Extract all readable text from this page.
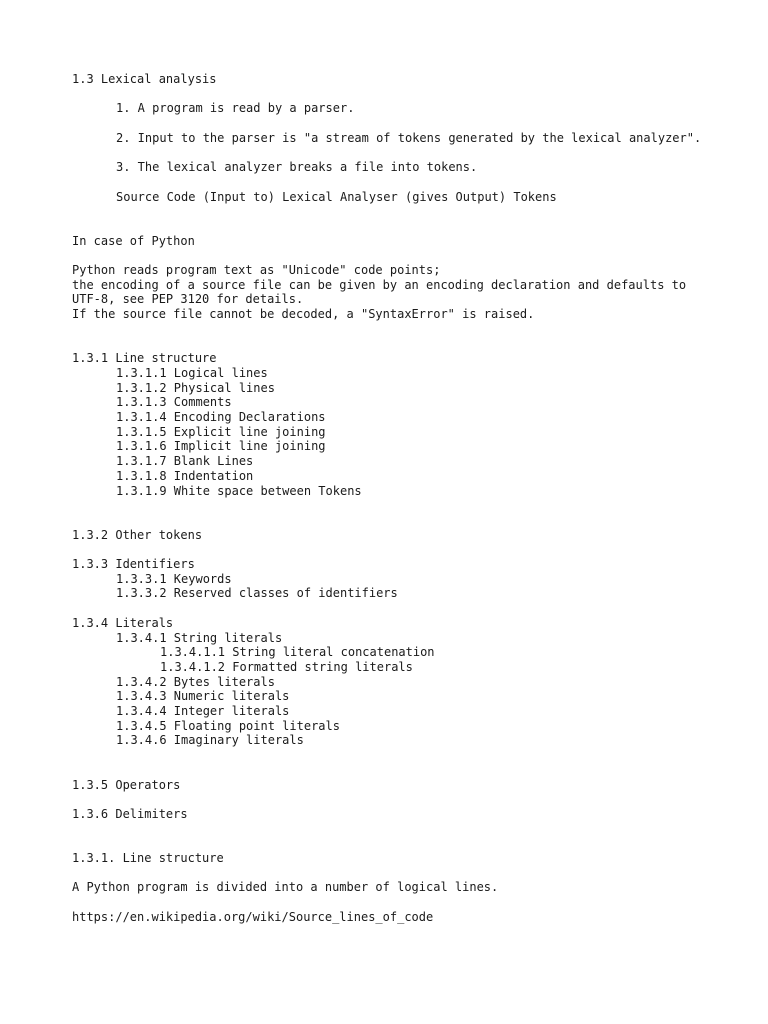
1.3 Lexical analysis

1. A program is read by a parser.

2. Input to the parser is "a stream of tokens generated by the lexical analyzer".

3. The lexical analyzer breaks a file into tokens.

Source Code (Input to) Lexical Analyser (gives Output) Tokens

In case of Python

Python reads program text as "Unicode" code points;

the encoding of a source file can be given by an encoding declaration and defaults to UTF-8, see PEP 3120 for details.

If the source file cannot be decoded, a "SyntaxError" is raised.

1.3.1 Line structure

1.3.1.1 Logical lines

1.3.1.2 Physical lines

1.3.1.3 Comments

1.3.1.4 Encoding Declarations

1.3.1.5 Explicit line joining

1.3.1.6 Implicit line joining

1.3.1.7 Blank Lines

1.3.1.8 Indentation

1.3.1.9 White space between Tokens

1.3.2 Other tokens

1.3.3 Identifiers

1.3.3.1 Keywords

1.3.3.2 Reserved classes of identifiers

1.3.4 Literals

1.3.4.1 String literals

1.3.4.1.1 String literal concatenation

1.3.4.1.2 Formatted string literals

1.3.4.2 Bytes literals

1.3.4.3 Numeric literals

1.3.4.4 Integer literals

1.3.4.5 Floating point literals

1.3.4.6 Imaginary literals

1.3.5 Operators

1.3.6 Delimiters

1.3.1. Line structure

A Python program is divided into a number of logical lines.

https://en.wikipedia.org/wiki/Source_lines_of_code
